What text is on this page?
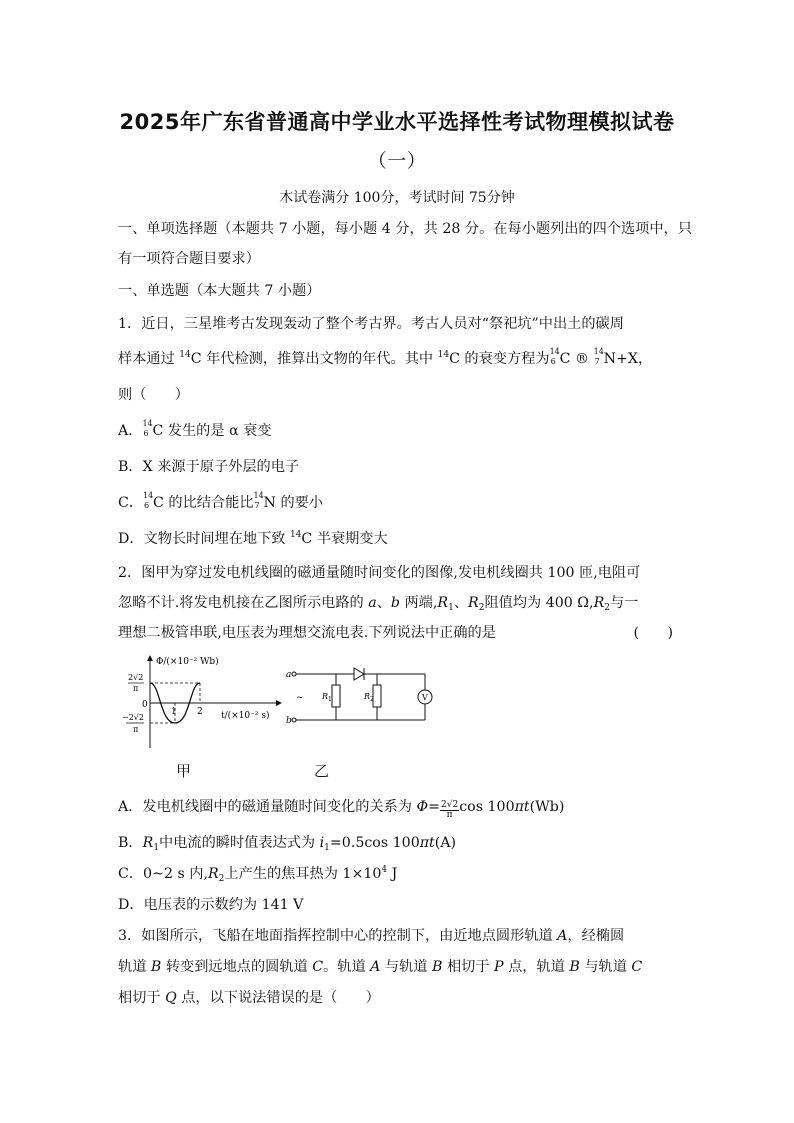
2025年广东省普通高中学业水平选择性考试物理模拟试卷
（一）
木试卷满分 100分，考试时间 75分钟
一、单项选择题（本题共 7 小题，每小题 4 分，共 28 分。在每小题列出的四个选项中，只
有一项符合题目要求）
一、单选题（本大题共 7 小题）
1．近日，三星堆考古发现轰动了整个考古界。考古人员对“祭祀坑”中出土的碳周
样本通过 $^{14}$C 年代检测，推算出文物的年代。其中 $^{14}$C 的衰变方程为 14
6 C ® 14
7 N+X，
则（　　）
A． 14
6 C 发生的是 α 衰变
B．X 来源于原子外层的电子
C． 14
6 C 的比结合能比 14
7 N 的要小
D．文物长时间埋在地下致 $^{14}$C 半衰期变大
2．图甲为穿过发电机线圈的磁通量随时间变化的图像,发电机线圈共 100 匝,电阻可
忽略不计.将发电机接在乙图所示电路的 a、b 两端$,R_1$、$R_2$阻值均为 400 $\Omega,R_2$与一
理想二极管串联,电压表为理想交流电表.下列说法中正确的是	(　　)
Φ/(×10⁻² Wb)
t/(×10⁻² s)
2√2
π
0
−2√2
π
1 2
甲
a
b
~ R 1	R 2	V
乙
A．发电机线圈中的磁通量随时间变化的关系为 $\Phi= \frac{2√2}{\pi}$ cos 100πt(Wb)
B．$R_1$中电流的瞬时值表达式为 $i_1=0.5\cos$ 100πt(A)
C．0~2 s 内$,R_2$上产生的焦耳热为 $1\times 10^4$ J
D．电压表的示数约为 141 V
3．如图所示，飞船在地面指挥控制中心的控制下，由近地点圆形轨道 A，经椭圆
轨道 B 转变到远地点的圆轨道 C。轨道 A 与轨道 B 相切于 P 点，轨道 B 与轨道 C
相切于 Q 点，以下说法错误的是（　　）
